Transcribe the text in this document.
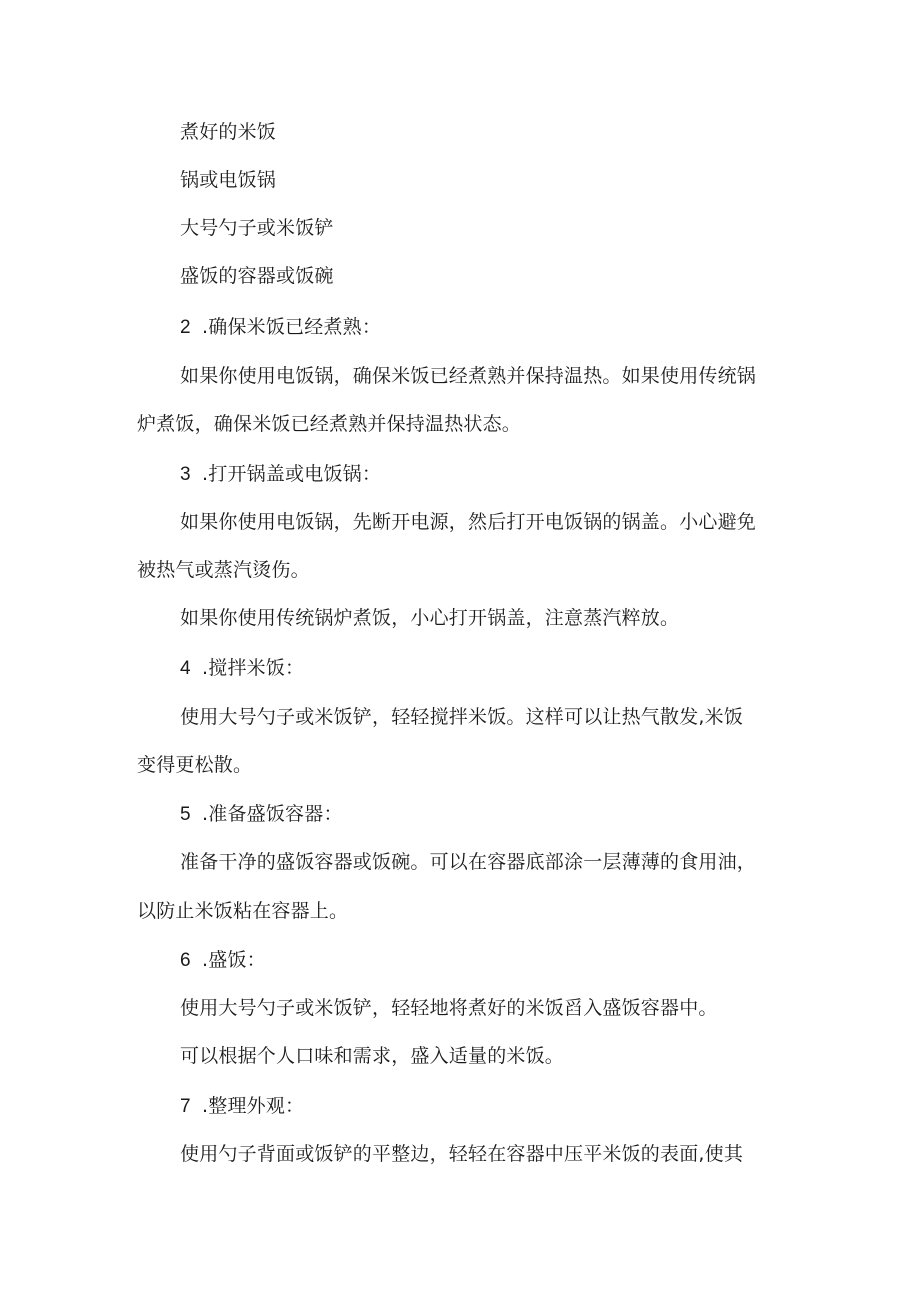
煮好的米饭
锅或电饭锅
大号勺子或米饭铲
盛饭的容器或饭碗
2 .确保米饭已经煮熟：
如果你使用电饭锅，确保米饭已经煮熟并保持温热。如果使用传统锅
炉煮饭，确保米饭已经煮熟并保持温热状态。
3 .打开锅盖或电饭锅：
如果你使用电饭锅，先断开电源，然后打开电饭锅的锅盖。小心避免
被热气或蒸汽烫伤。
如果你使用传统锅炉煮饭，小心打开锅盖，注意蒸汽粹放。
4 .搅拌米饭：
使用大号勺子或米饭铲，轻轻搅拌米饭。这样可以让热气散发,米饭
变得更松散。
5 .准备盛饭容器：
准备干净的盛饭容器或饭碗。可以在容器底部涂一层薄薄的食用油，
以防止米饭粘在容器上。
6 .盛饭：
使用大号勺子或米饭铲，轻轻地将煮好的米饭舀入盛饭容器中。
可以根据个人口味和需求，盛入适量的米饭。
7 .整理外观：
使用勺子背面或饭铲的平整边，轻轻在容器中压平米饭的表面,使其
